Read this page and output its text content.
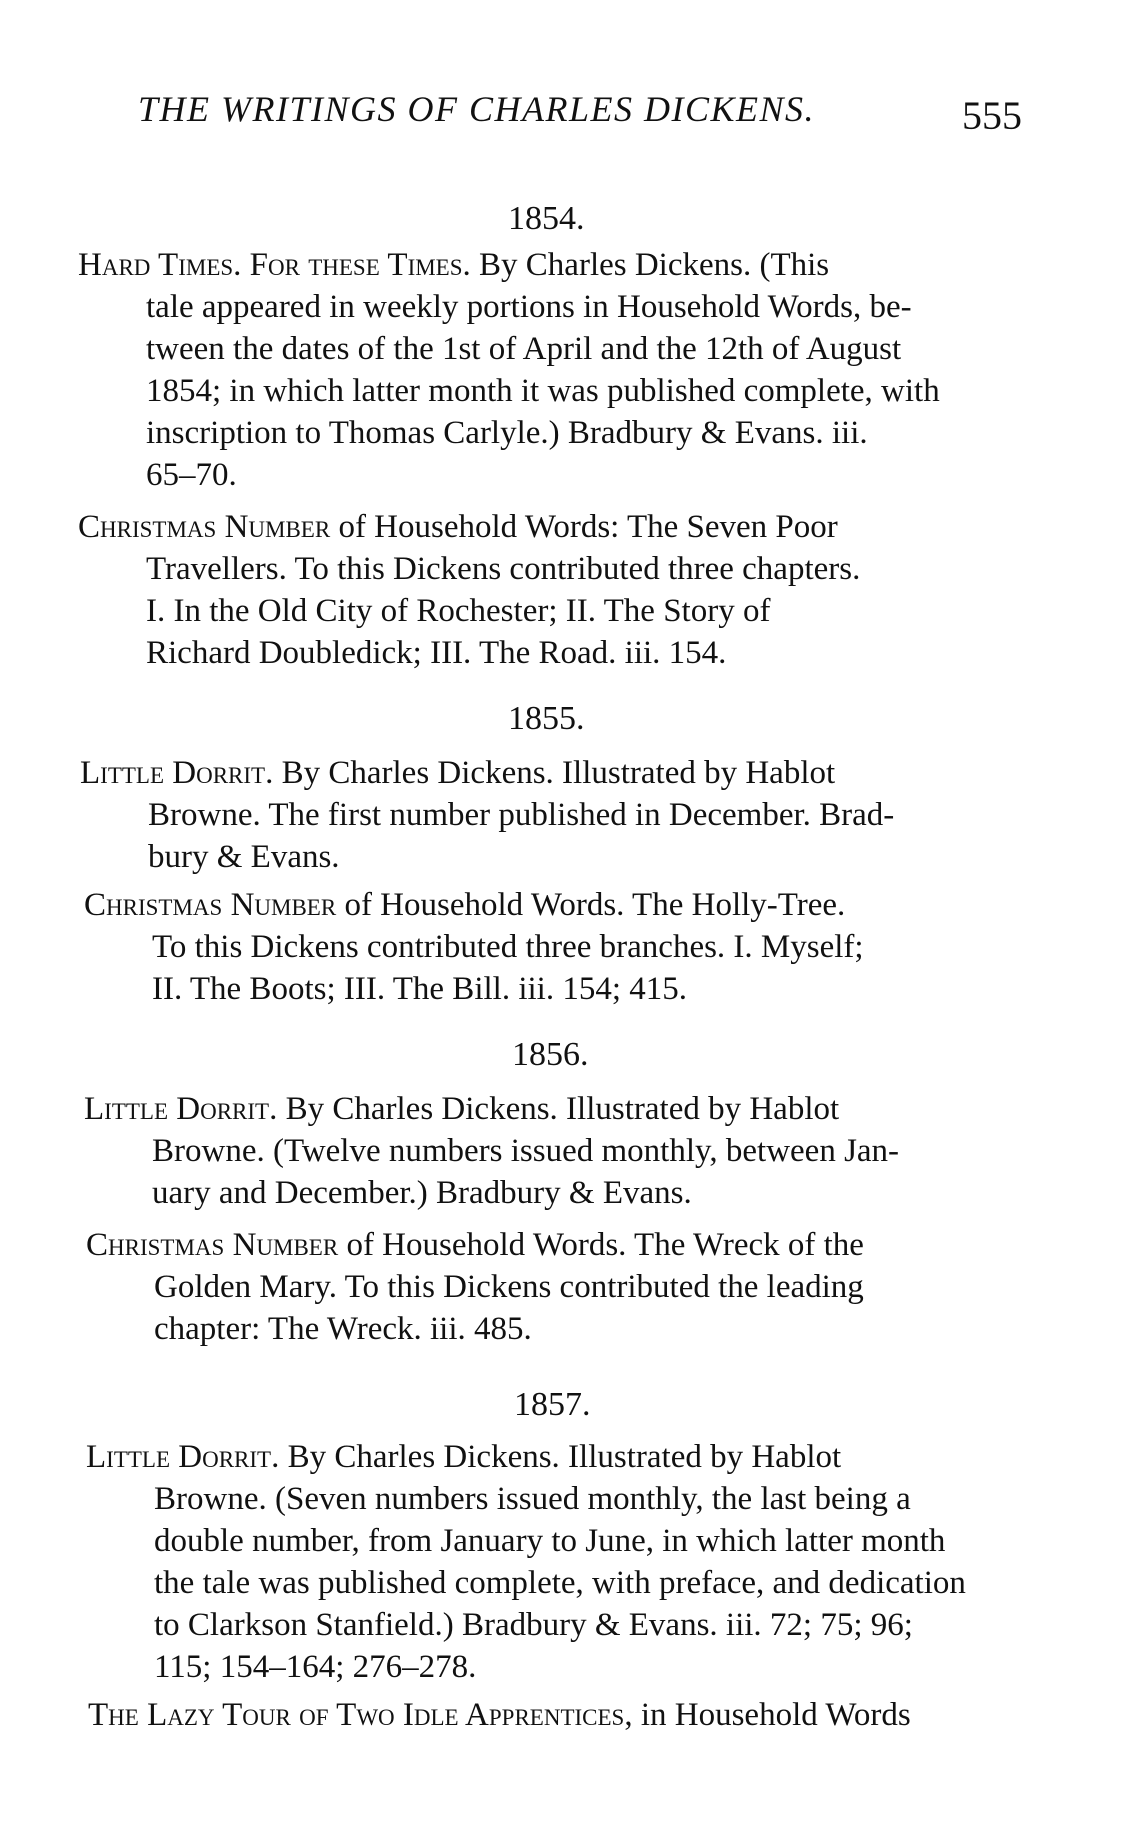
THE WRITINGS OF CHARLES DICKENS.	555
1854.
Hard Times. For these Times. By Charles Dickens. (This
tale appeared in weekly portions in Household Words, be-
tween the dates of the 1st of April and the 12th of August
1854; in which latter month it was published complete, with
inscription to Thomas Carlyle.) Bradbury & Evans. iii.
65–70.
Christmas Number of Household Words: The Seven Poor
Travellers. To this Dickens contributed three chapters.
I. In the Old City of Rochester; II. The Story of
Richard Doubledick; III. The Road. iii. 154.
1855.
Little Dorrit. By Charles Dickens. Illustrated by Hablot
Browne. The first number published in December. Brad-
bury & Evans.
Christmas Number of Household Words. The Holly-Tree.
To this Dickens contributed three branches. I. Myself;
II. The Boots; III. The Bill. iii. 154; 415.
1856.
Little Dorrit. By Charles Dickens. Illustrated by Hablot
Browne. (Twelve numbers issued monthly, between Jan-
uary and December.) Bradbury & Evans.
Christmas Number of Household Words. The Wreck of the
Golden Mary. To this Dickens contributed the leading
chapter: The Wreck. iii. 485.
1857.
Little Dorrit. By Charles Dickens. Illustrated by Hablot
Browne. (Seven numbers issued monthly, the last being a
double number, from January to June, in which latter month
the tale was published complete, with preface, and dedication
to Clarkson Stanfield.) Bradbury & Evans. iii. 72; 75; 96;
115; 154–164; 276–278.
The Lazy Tour of Two Idle Apprentices, in Household Words
